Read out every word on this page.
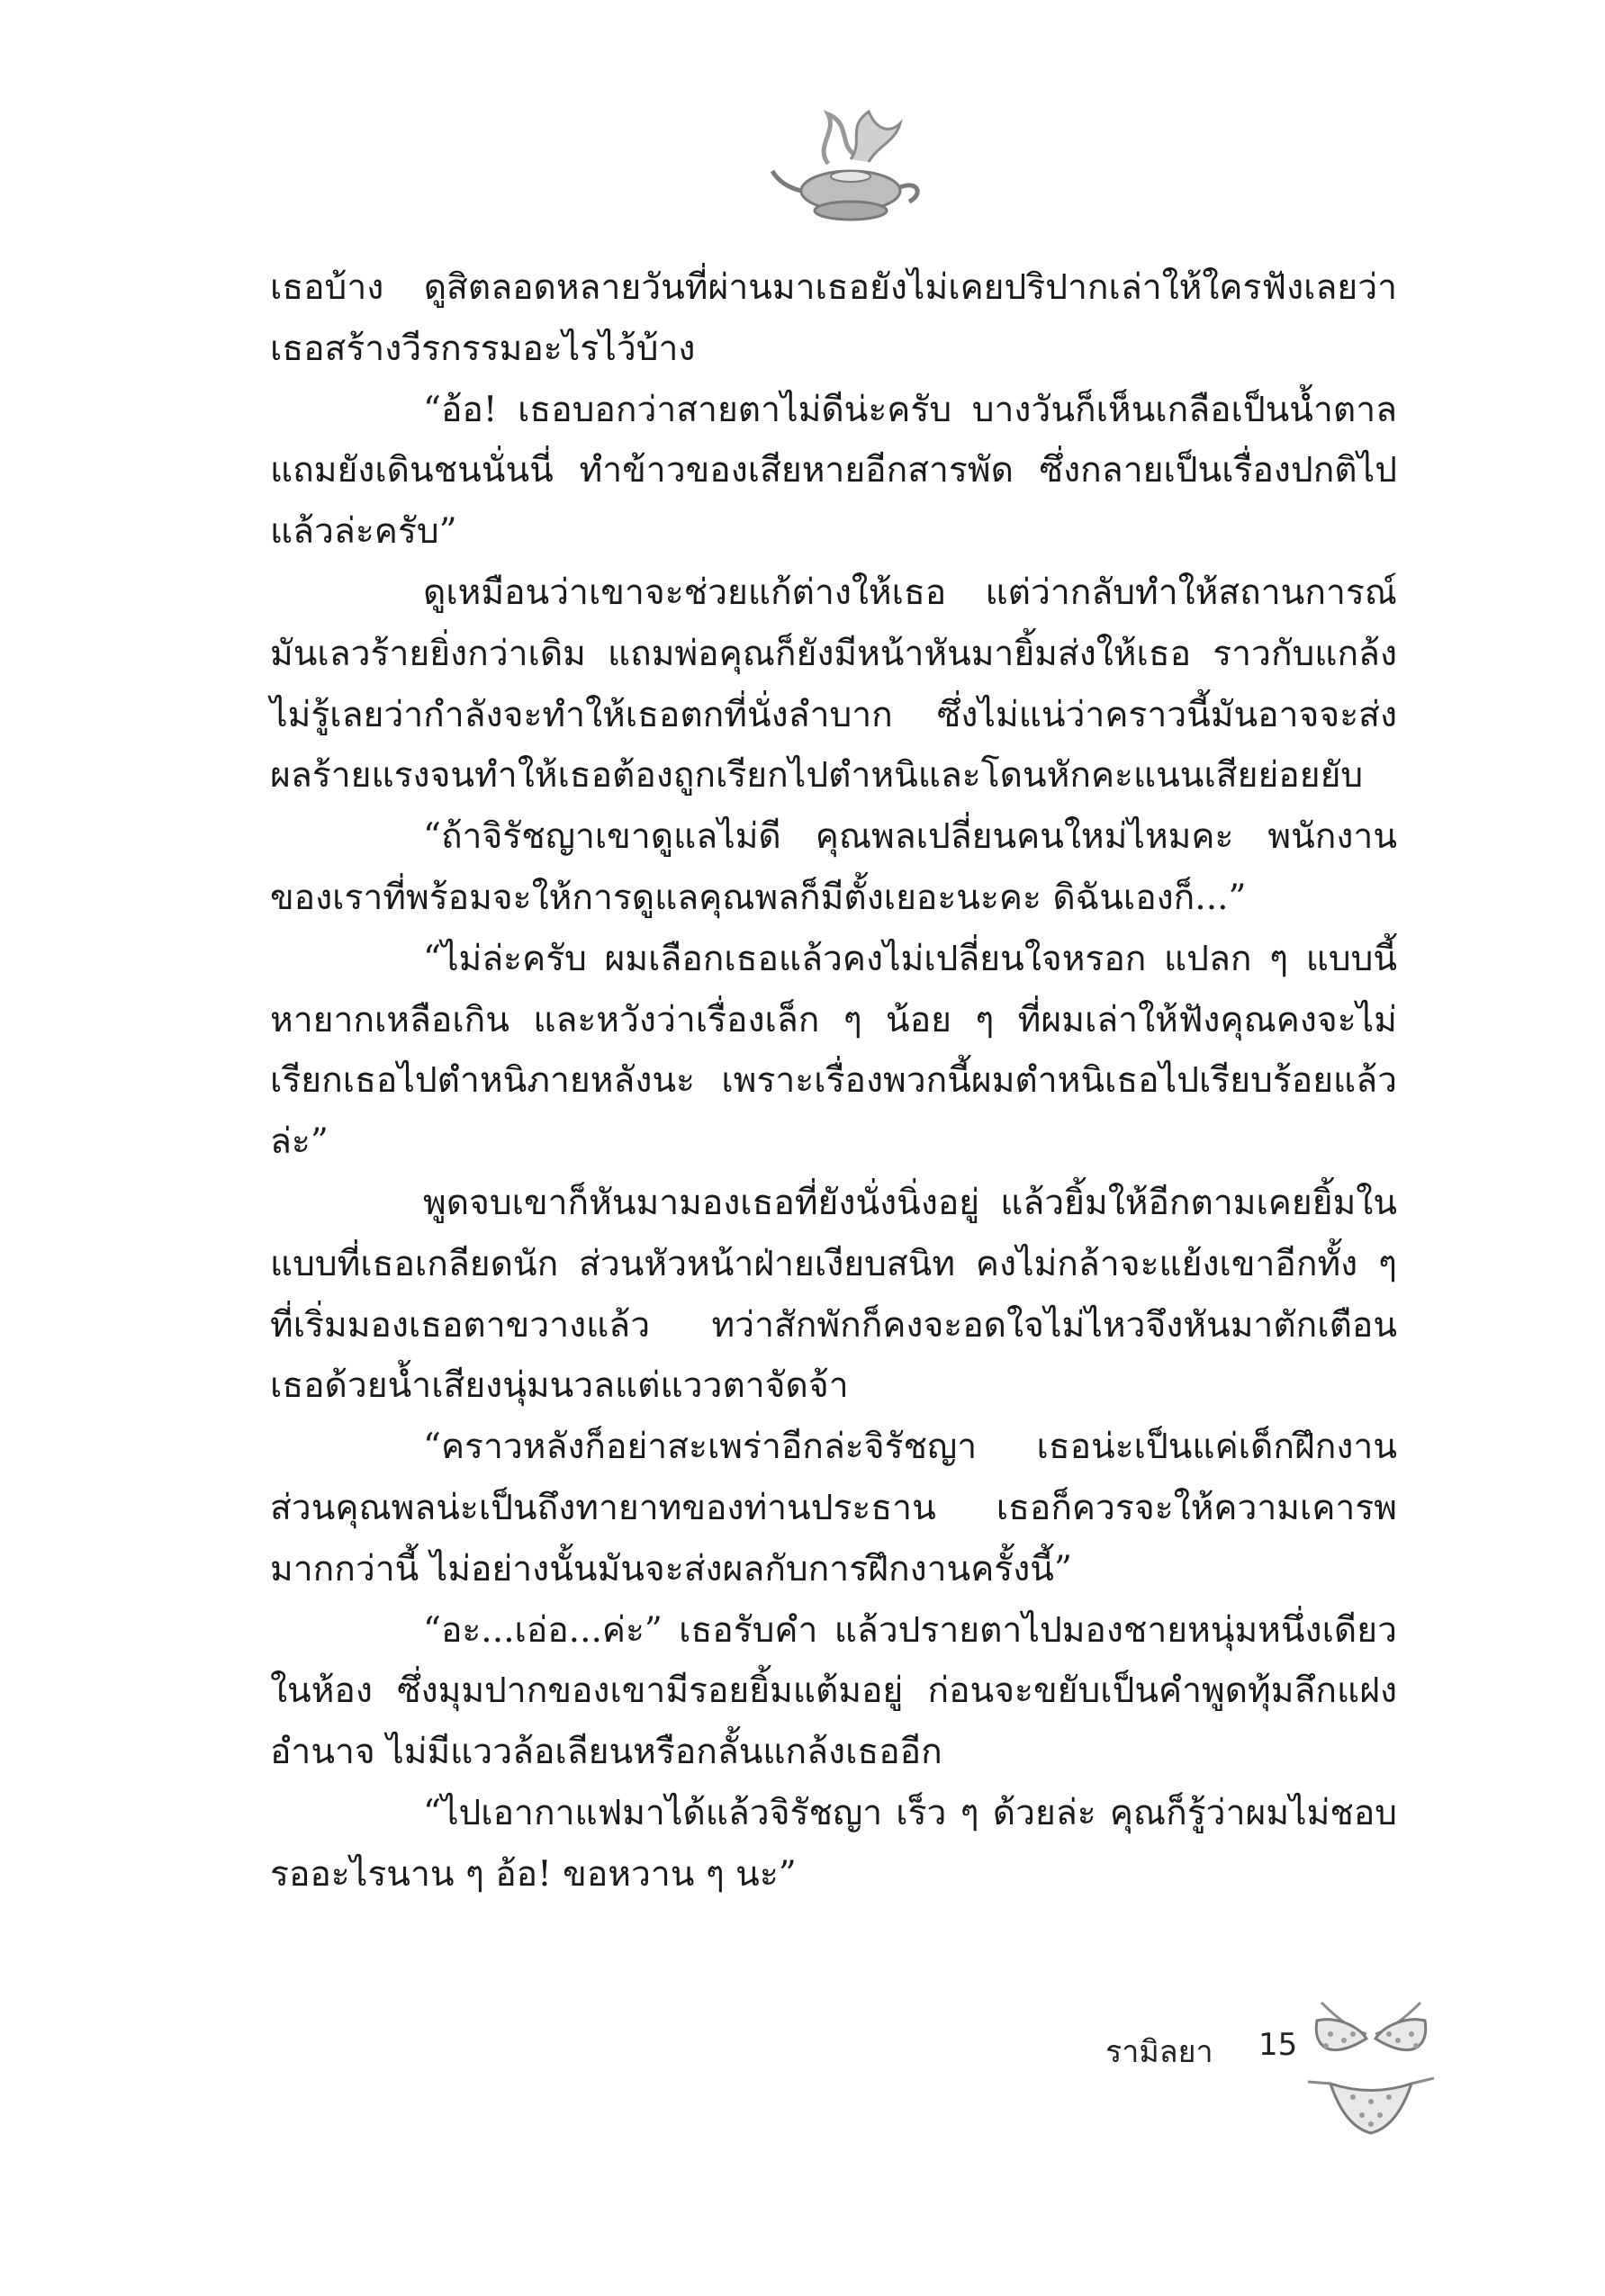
เธอบ้าง ดูสิตลอดหลายวันที่ผ่านมาเธอยังไม่เคยปริปากเล่าให้ใครฟังเลยว่าเธอสร้างวีรกรรมอะไรไว้บ้าง

“อ้อ! เธอบอกว่าสายตาไม่ดีน่ะครับ บางวันก็เห็นเกลือเป็นน้ำตาล แถมยังเดินชนนั่นนี่ ทำข้าวของเสียหายอีกสารพัด ซึ่งกลายเป็นเรื่องปกติไปแล้วล่ะครับ”

ดูเหมือนว่าเขาจะช่วยแก้ต่างให้เธอ แต่ว่ากลับทำให้สถานการณ์มันเลวร้ายยิ่งกว่าเดิม แถมพ่อคุณก็ยังมีหน้าหันมายิ้มส่งให้เธอ ราวกับแกล้งไม่รู้เลยว่ากำลังจะทำให้เธอตกที่นั่งลำบาก ซึ่งไม่แน่ว่าคราวนี้มันอาจจะส่งผลร้ายแรงจนทำให้เธอต้องถูกเรียกไปตำหนิและโดนหักคะแนนเสียย่อยยับ

“ถ้าจิรัชญาเขาดูแลไม่ดี คุณพลเปลี่ยนคนใหม่ไหมคะ พนักงานของเราที่พร้อมจะให้การดูแลคุณพลก็มีตั้งเยอะนะคะ ดิฉันเองก็...”

“ไม่ล่ะครับ ผมเลือกเธอแล้วคงไม่เปลี่ยนใจหรอก แปลก ๆ แบบนี้หายากเหลือเกิน และหวังว่าเรื่องเล็ก ๆ น้อย ๆ ที่ผมเล่าให้ฟังคุณคงจะไม่เรียกเธอไปตำหนิภายหลังนะ เพราะเรื่องพวกนี้ผมตำหนิเธอไปเรียบร้อยแล้วล่ะ”

พูดจบเขาก็หันมามองเธอที่ยังนั่งนิ่งอยู่ แล้วยิ้มให้อีกตามเคยยิ้มในแบบที่เธอเกลียดนัก ส่วนหัวหน้าฝ่ายเงียบสนิท คงไม่กล้าจะแย้งเขาอีกทั้ง ๆ ที่เริ่มมองเธอตาขวางแล้ว ทว่าสักพักก็คงจะอดใจไม่ไหวจึงหันมาตักเตือนเธอด้วยน้ำเสียงนุ่มนวลแต่แววตาจัดจ้า

“คราวหลังก็อย่าสะเพร่าอีกล่ะจิรัชญา เธอน่ะเป็นแค่เด็กฝึกงาน ส่วนคุณพลน่ะเป็นถึงทายาทของท่านประธาน เธอก็ควรจะให้ความเคารพมากกว่านี้ ไม่อย่างนั้นมันจะส่งผลกับการฝึกงานครั้งนี้”

“อะ...เอ่อ...ค่ะ” เธอรับคำ แล้วปรายตาไปมองชายหนุ่มหนึ่งเดียวในห้อง ซึ่งมุมปากของเขามีรอยยิ้มแต้มอยู่ ก่อนจะขยับเป็นคำพูดทุ้มลึกแฝงอำนาจ ไม่มีแววล้อเลียนหรือกลั้นแกล้งเธออีก

“ไปเอากาแฟมาได้แล้วจิรัชญา เร็ว ๆ ด้วยล่ะ คุณก็รู้ว่าผมไม่ชอบรออะไรนาน ๆ อ้อ! ขอหวาน ๆ นะ”

รามิลยา 15
